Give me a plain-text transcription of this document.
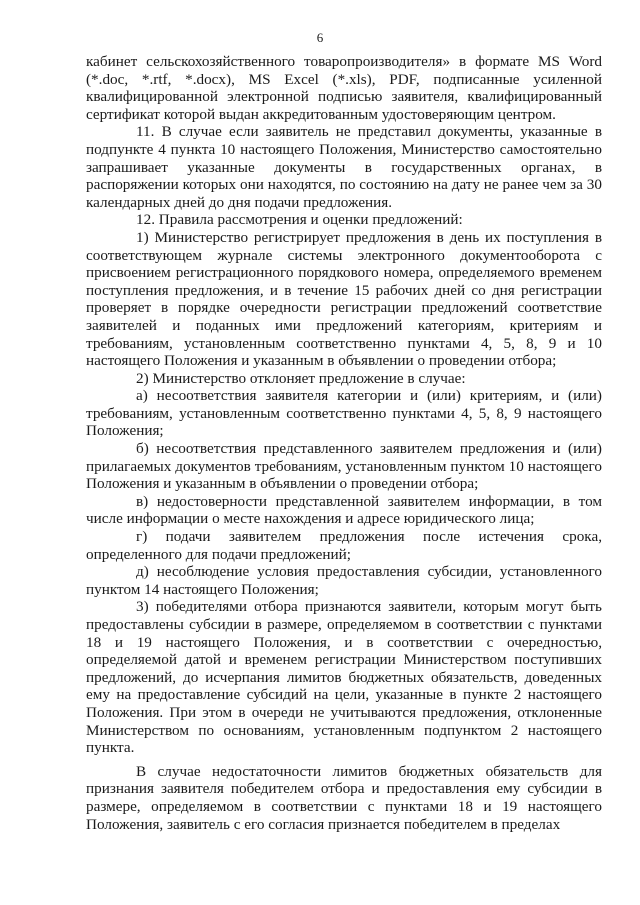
6

кабинет сельскохозяйственного товаропроизводителя» в формате MS Word (*.doc, *.rtf, *.docx), MS Excel (*.xls), PDF, подписанные усиленной квалифицированной электронной подписью заявителя, квалифицированный сертификат которой выдан аккредитованным удостоверяющим центром.

11. В случае если заявитель не представил документы, указанные в подпункте 4 пункта 10 настоящего Положения, Министерство самостоятельно запрашивает указанные документы в государственных органах, в распоряжении которых они находятся, по состоянию на дату не ранее чем за 30 календарных дней до дня подачи предложения.

12. Правила рассмотрения и оценки предложений:

1) Министерство регистрирует предложения в день их поступления в соответствующем журнале системы электронного документооборота с присвоением регистрационного порядкового номера, определяемого временем поступления предложения, и в течение 15 рабочих дней со дня регистрации проверяет в порядке очередности регистрации предложений соответствие заявителей и поданных ими предложений категориям, критериям и требованиям, установленным соответственно пунктами 4, 5, 8, 9 и 10 настоящего Положения и указанным в объявлении о проведении отбора;

2) Министерство отклоняет предложение в случае:

а) несоответствия заявителя категории и (или) критериям, и (или) требованиям, установленным соответственно пунктами 4, 5, 8, 9 настоящего Положения;

б) несоответствия представленного заявителем предложения и (или) прилагаемых документов требованиям, установленным пунктом 10 настоящего Положения и указанным в объявлении о проведении отбора;

в) недостоверности представленной заявителем информации, в том числе информации о месте нахождения и адресе юридического лица;

г) подачи заявителем предложения после истечения срока, определенного для подачи предложений;

д) несоблюдение условия предоставления субсидии, установленного пунктом 14 настоящего Положения;

3) победителями отбора признаются заявители, которым могут быть предоставлены субсидии в размере, определяемом в соответствии с пунктами 18 и 19 настоящего Положения, и в соответствии с очередностью, определяемой датой и временем регистрации Министерством поступивших предложений, до исчерпания лимитов бюджетных обязательств, доведенных ему на предоставление субсидий на цели, указанные в пункте 2 настоящего Положения. При этом в очереди не учитываются предложения, отклоненные Министерством по основаниям, установленным подпунктом 2 настоящего пункта.

В случае недостаточности лимитов бюджетных обязательств для признания заявителя победителем отбора и предоставления ему субсидии в размере, определяемом в соответствии с пунктами 18 и 19 настоящего Положения, заявитель с его согласия признается победителем в пределах
